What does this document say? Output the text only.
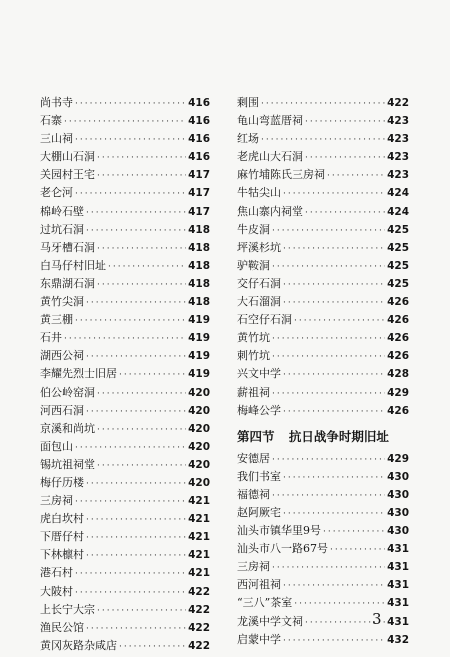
尚书寺 ·····	416
石寨 ·····	416
三山祠 ·····	416
大棚山石洞 ·····	416
关园村王宅 ·····	417
老仑河 ·····	417
棉岭石壁 ·····	417
过坑石洞 ·····	418
马牙槽石洞 ·····	418
白马仔村旧址 ·····	418
东鼎湖石洞 ·····	418
黄竹尖洞 ·····	418
黄三棚 ·····	419
石井 ·····	419
湖西公祠 ·····	419
李耀先烈士旧居 ·····	419
伯公岭窑洞 ·····	420
河西石洞 ·····	420
京溪和尚坑 ·····	420
面包山 ·····	420
锡坑祖祠堂 ·····	420
梅仔历楼 ·····	420
三房祠 ·····	421
虎白坎村 ·····	421
下厝仔村 ·····	421
下林檩村 ·····	421
港石村 ·····	421
大陂村 ·····	422
上长宁大宗 ·····	422
渔民公馆 ·····	422
黄冈灰路杂咸店 ·····	422
剩围 ·····	422
龟山弯蓝厝祠 ·····	423
红场 ·····	423
老虎山大石洞 ·····	423
麻竹埔陈氏三房祠 ·····	423
牛牯尖山 ·····	424
焦山寨内祠堂 ·····	424
牛皮洞 ·····	425
坪溪杉坑 ·····	425
驴鞍洞 ·····	425
交仔石洞 ·····	425
大石溜洞 ·····	426
石空仔石洞 ·····	426
黄竹坑 ·····	426
刺竹坑 ·····	426
兴文中学 ·····	428
薪祖祠 ·····	429
梅峰公学 ·····	426
第四节 抗日战争时期旧址
安德居 ·····	429
我们书室 ·····	430
福德祠 ·····	430
赵阿厥宅 ·····	430
汕头市镇华里9号 ·····	430
汕头市八一路67号 ·····	431
三房祠 ·····	431
西河祖祠 ·····	431
“三八”茶室 ·····	431
龙溪中学文祠 ·····	431
启蒙中学 ·····	432
3
